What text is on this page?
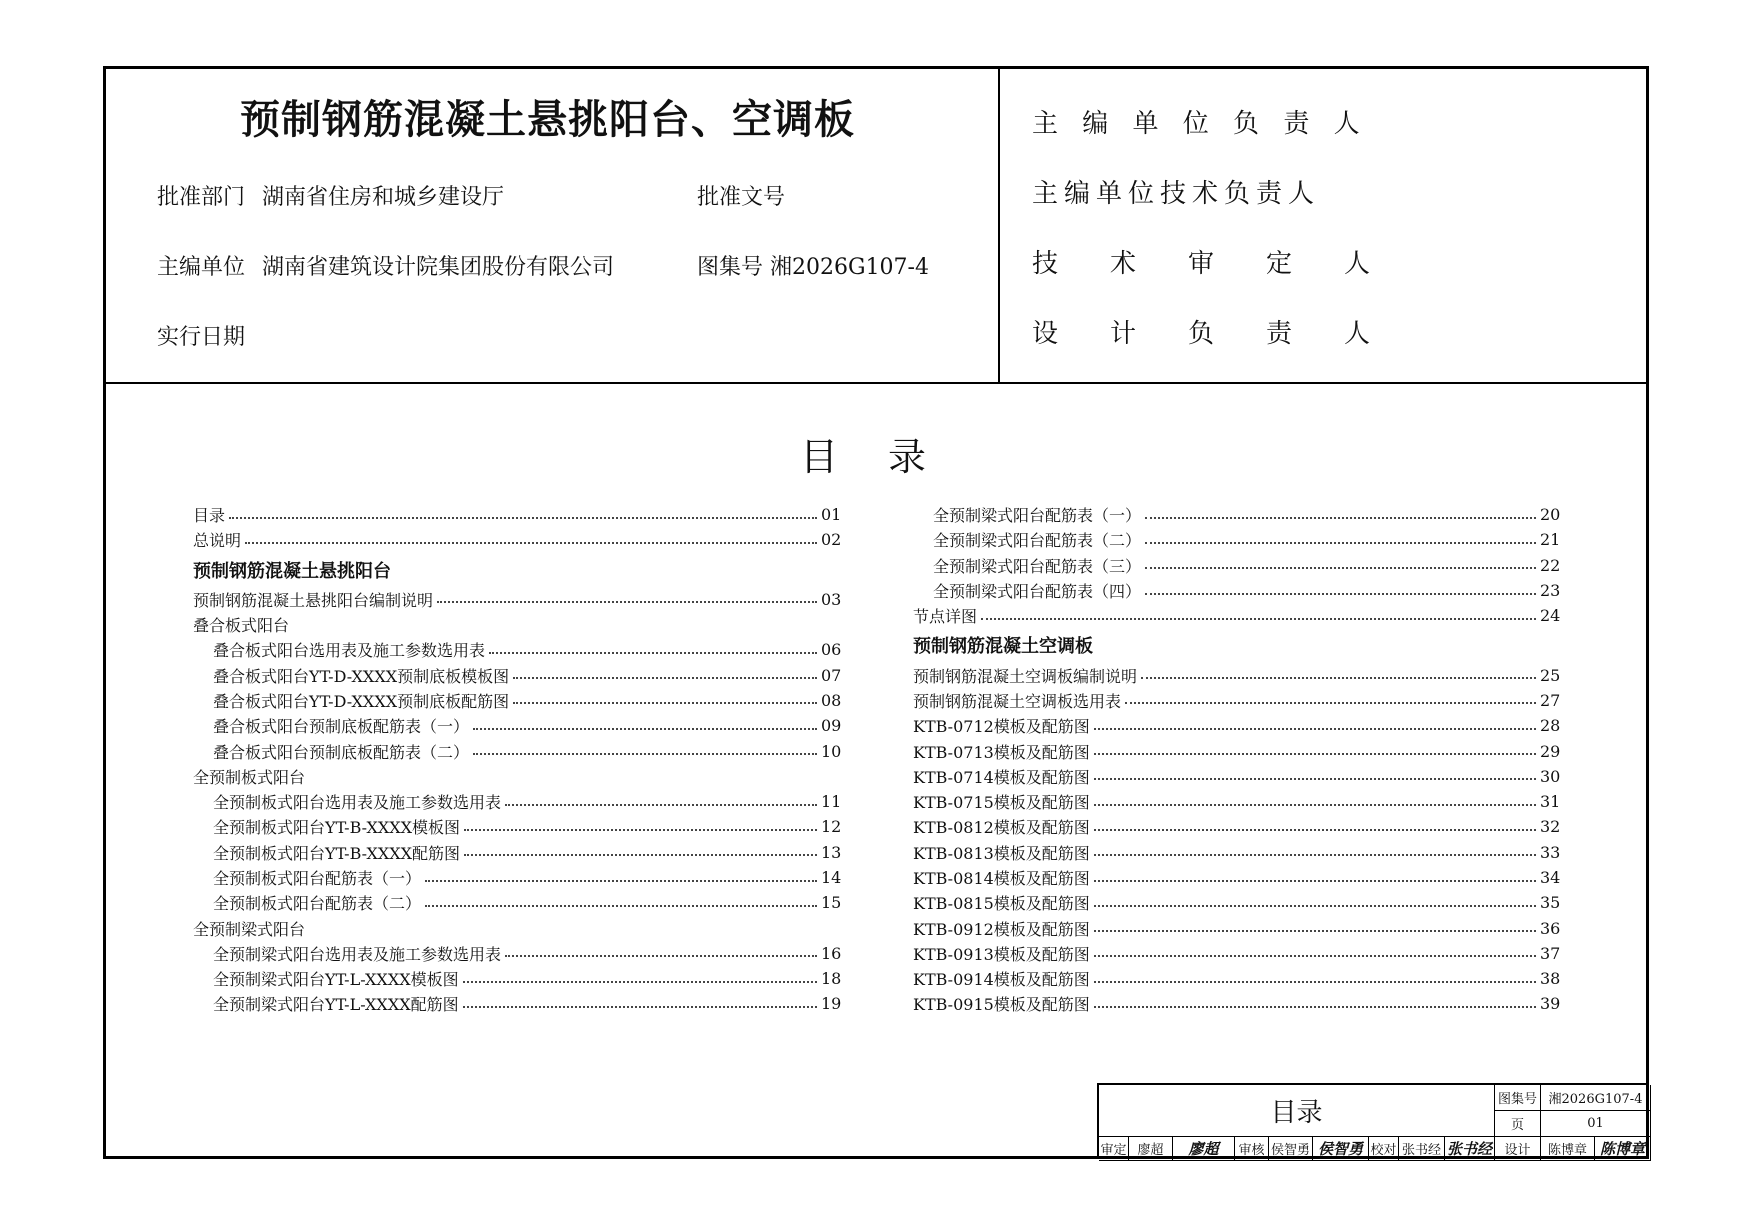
预制钢筋混凝土悬挑阳台、空调板
批准部门 湖南省住房和城乡建设厅	批准文号
主编单位 湖南省建筑设计院集团股份有限公司	图集号 湘2026G107-4
实行日期
主 编 单 位 负 责 人
主编单位技术负责人
技　　术　　审　　定　　人
设　　计　　负　　责　　人
目录
目录	01
总说明	02
预制钢筋混凝土悬挑阳台
预制钢筋混凝土悬挑阳台编制说明	03
叠合板式阳台
叠合板式阳台选用表及施工参数选用表	06
叠合板式阳台YT-D-XXXX预制底板模板图	07
叠合板式阳台YT-D-XXXX预制底板配筋图	08
叠合板式阳台预制底板配筋表（一）	09
叠合板式阳台预制底板配筋表（二）	10
全预制板式阳台
全预制板式阳台选用表及施工参数选用表	11
全预制板式阳台YT-B-XXXX模板图	12
全预制板式阳台YT-B-XXXX配筋图	13
全预制板式阳台配筋表（一）	14
全预制板式阳台配筋表（二）	15
全预制梁式阳台
全预制梁式阳台选用表及施工参数选用表	16
全预制梁式阳台YT-L-XXXX模板图	18
全预制梁式阳台YT-L-XXXX配筋图	19
全预制梁式阳台配筋表（一）	20
全预制梁式阳台配筋表（二）	21
全预制梁式阳台配筋表（三）	22
全预制梁式阳台配筋表（四）	23
节点详图	24
预制钢筋混凝土空调板
预制钢筋混凝土空调板编制说明	25
预制钢筋混凝土空调板选用表	27
KTB-0712模板及配筋图	28
KTB-0713模板及配筋图	29
KTB-0714模板及配筋图	30
KTB-0715模板及配筋图	31
KTB-0812模板及配筋图	32
KTB-0813模板及配筋图	33
KTB-0814模板及配筋图	34
KTB-0815模板及配筋图	35
KTB-0912模板及配筋图	36
KTB-0913模板及配筋图	37
KTB-0914模板及配筋图	38
KTB-0915模板及配筋图	39
目录	图集号 湘2026G107-4
页	01
审定 廖超	廖超	审核 侯智勇 侯智勇 校对 张书经 张书经 设计	陈博章 陈博章
